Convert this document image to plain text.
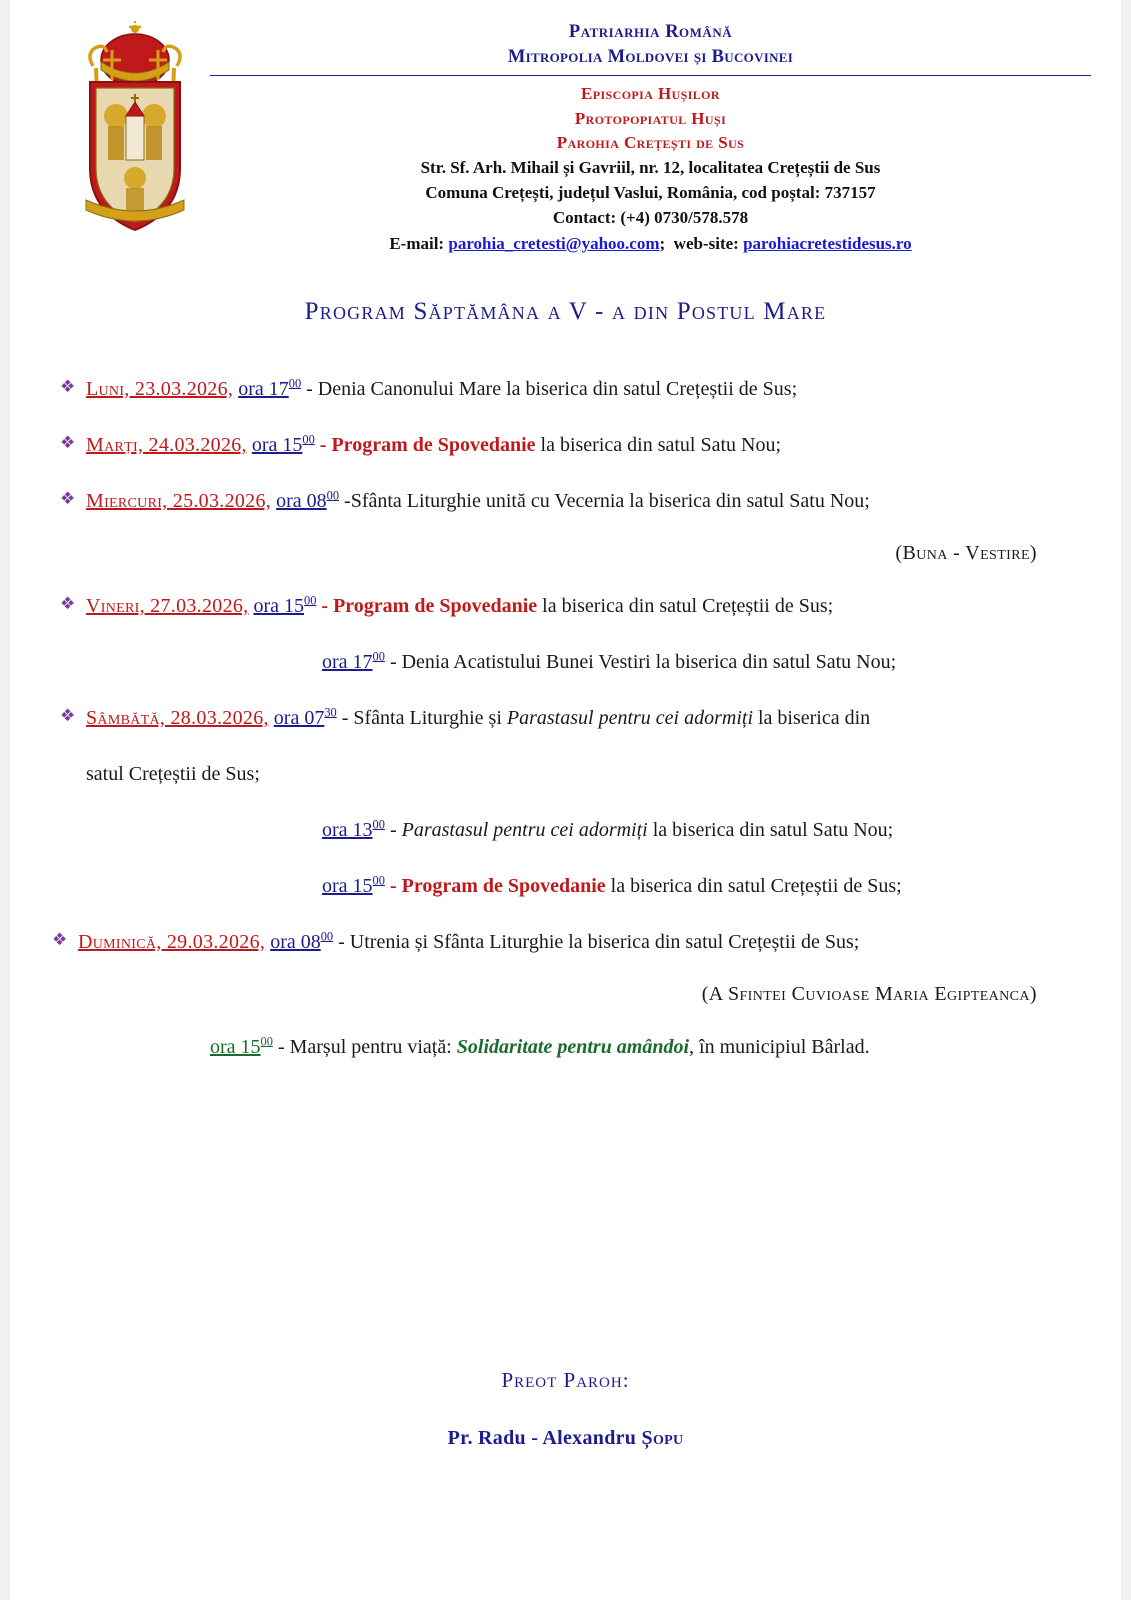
Patriarhia Română
Mitropolia Moldovei și Bucovinei
Episcopia Hușilor
Protopopiatul Huși
Parohia Crețești de Sus
Str. Sf. Arh. Mihail și Gavriil, nr. 12, localitatea Crețeștii de Sus
Comuna Crețești, județul Vaslui, România, cod poștal: 737157
Contact: (+4) 0730/578.578
E-mail: parohia_cretesti@yahoo.com;  web-site: parohiacretestidesus.ro
Program Săptămâna a V - a din Postul Mare
❖ Luni, 23.03.2026, ora $17^{00}$ - Denia Canonului Mare la biserica din satul Crețeștii de Sus;
❖ Marți, 24.03.2026, ora $15^{00}$ - Program de Spovedanie la biserica din satul Satu Nou;
❖ Miercuri, 25.03.2026, ora $08^{00}$ -Sfânta Liturghie unită cu Vecernia la biserica din satul Satu Nou;
(Buna - Vestire)
❖ Vineri, 27.03.2026, ora $15^{00}$ - Program de Spovedanie la biserica din satul Crețeștii de Sus;
ora $17^{00}$ - Denia Acatistului Bunei Vestiri la biserica din satul Satu Nou;
❖ Sâmbătă, 28.03.2026, ora $07^{30}$ - Sfânta Liturghie și Parastasul pentru cei adormiți la biserica din
satul Crețeștii de Sus;
ora $13^{00}$ - Parastasul pentru cei adormiți la biserica din satul Satu Nou;
ora $15^{00}$ - Program de Spovedanie la biserica din satul Crețeștii de Sus;
❖ Duminică, 29.03.2026, ora $08^{00}$ - Utrenia și Sfânta Liturghie la biserica din satul Crețeștii de Sus;
(A Sfintei Cuvioase Maria Egipteanca)
ora $15^{00}$ - Marșul pentru viață: Solidaritate pentru amândoi, în municipiul Bârlad.
Preot Paroh:
Pr. Radu - Alexandru Șopu
